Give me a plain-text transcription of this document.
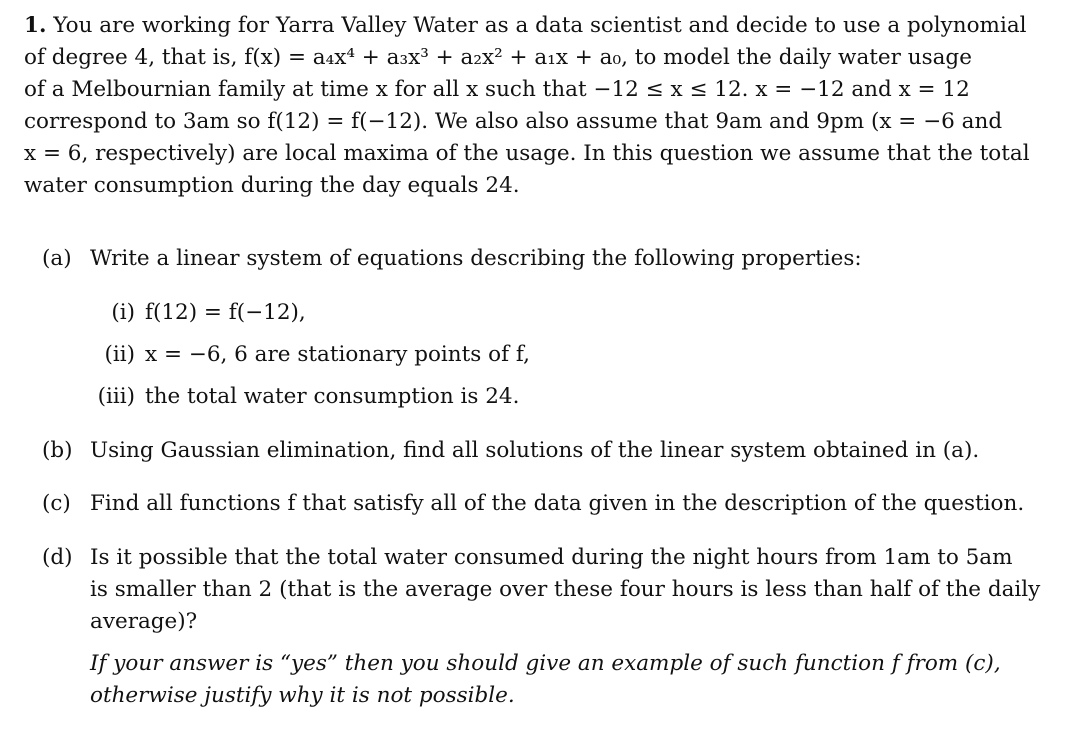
1. You are working for Yarra Valley Water as a data scientist and decide to use a polynomial
of degree 4, that is, f(x) = a₄x⁴ + a₃x³ + a₂x² + a₁x + a₀, to model the daily water usage
of a Melbournian family at time x for all x such that −12 ≤ x ≤ 12. x = −12 and x = 12
correspond to 3am so f(12) = f(−12). We also also assume that 9am and 9pm (x = −6 and
x = 6, respectively) are local maxima of the usage. In this question we assume that the total
water consumption during the day equals 24.
(a) Write a linear system of equations describing the following properties:
(i) f(12) = f(−12),
(ii) x = −6, 6 are stationary points of f,
(iii) the total water consumption is 24.
(b) Using Gaussian elimination, find all solutions of the linear system obtained in (a).
(c) Find all functions f that satisfy all of the data given in the description of the question.
(d) Is it possible that the total water consumed during the night hours from 1am to 5am
is smaller than 2 (that is the average over these four hours is less than half of the daily
average)?
If your answer is “yes” then you should give an example of such function f from (c),
otherwise justify why it is not possible.
